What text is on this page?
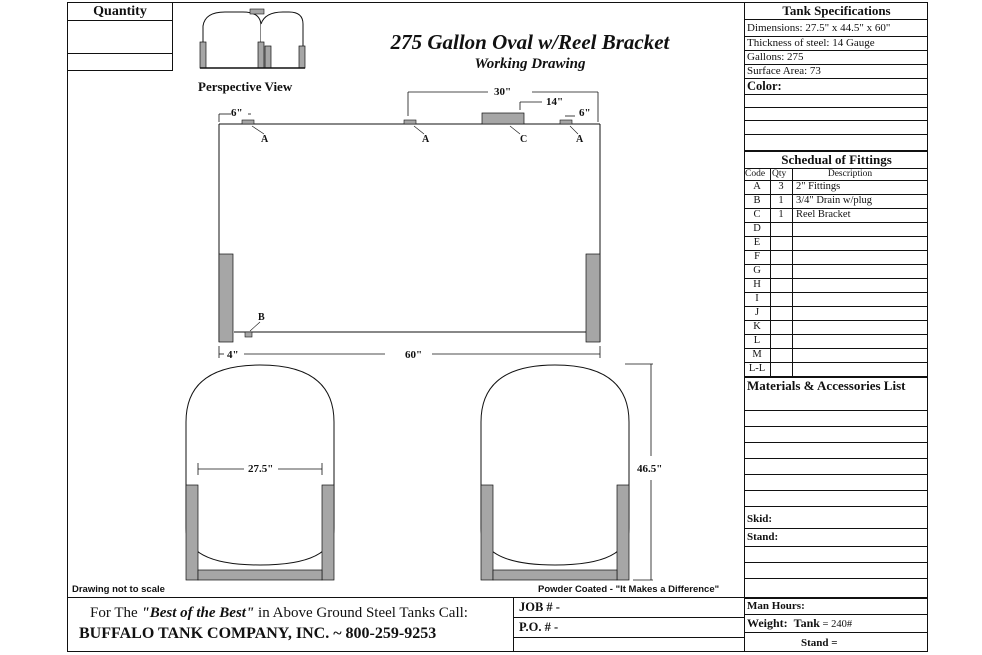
Quantity
Perspective View
275 Gallon Oval w/Reel Bracket
Working Drawing
30"
14"
6"	6"
A	A	C	A
B
4"	60"
27.5"	46.5"
Drawing not to scale	Powder Coated - "It Makes a Difference"
For The "Best of the Best" in Above Ground Steel Tanks Call:
BUFFALO TANK COMPANY, INC. ~ 800-259-9253
JOB # -
P.O. # -
Tank Specifications
Dimensions: 27.5" x 44.5" x 60"
Thickness of steel: 14 Gauge
Gallons: 275
Surface Area: 73
Color:
Schedual of Fittings
Code Qty	Description
A	3	2" Fittings
B	1	3/4" Drain w/plug
C	1	Reel Bracket
D
E
F
G
H
I
J
K
L
M
L-L
Materials & Accessories List
Skid:
Stand:
Man Hours:
Weight: Tank = 240#
Stand =
